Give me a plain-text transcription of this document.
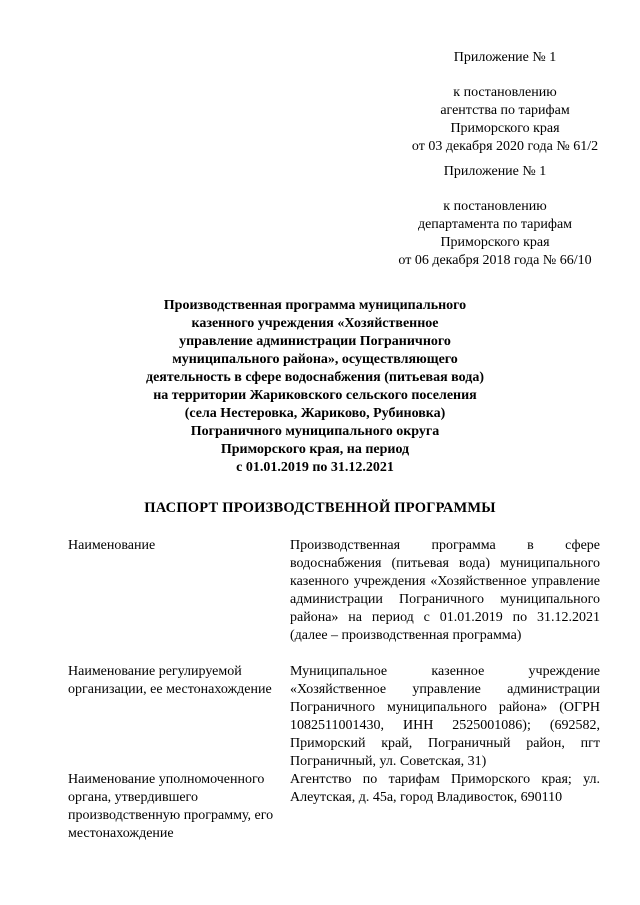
Приложение № 1
к постановлению
агентства по тарифам
Приморского края
от 03 декабря 2020 года № 61/2
Приложение № 1
к постановлению
департамента по тарифам
Приморского края
от 06 декабря 2018 года № 66/10
Производственная программа муниципального
казенного учреждения «Хозяйственное
управление администрации Пограничного
муниципального района», осуществляющего
деятельность в сфере водоснабжения (питьевая вода)
на территории Жариковского сельского поселения
(села Нестеровка, Жариково, Рубиновка)
Пограничного муниципального округа
Приморского края, на период
с 01.01.2019 по 31.12.2021
ПАСПОРТ ПРОИЗВОДСТВЕННОЙ ПРОГРАММЫ
Наименование	Производственная программа в сфере водоснабжения (питьевая вода) муниципального казенного учреждения «Хозяйственное управление администрации Пограничного муниципального района» на период с 01.01.2019 по 31.12.2021 (далее – производственная программа)
Наименование регулируемой организации, ее местонахождение
Муниципальное казенное учреждение «Хозяйственное управление администрации Пограничного муниципального района» (ОГРН 1082511001430, ИНН 2525001086); (692582, Приморский край, Пограничный район, пгт Пограничный, ул. Советская, 31)
Наименование уполномоченного органа, утвердившего производственную программу, его местонахождение
Агентство по тарифам Приморского края; ул. Алеутская, д. 45а, город Владивосток, 690110
